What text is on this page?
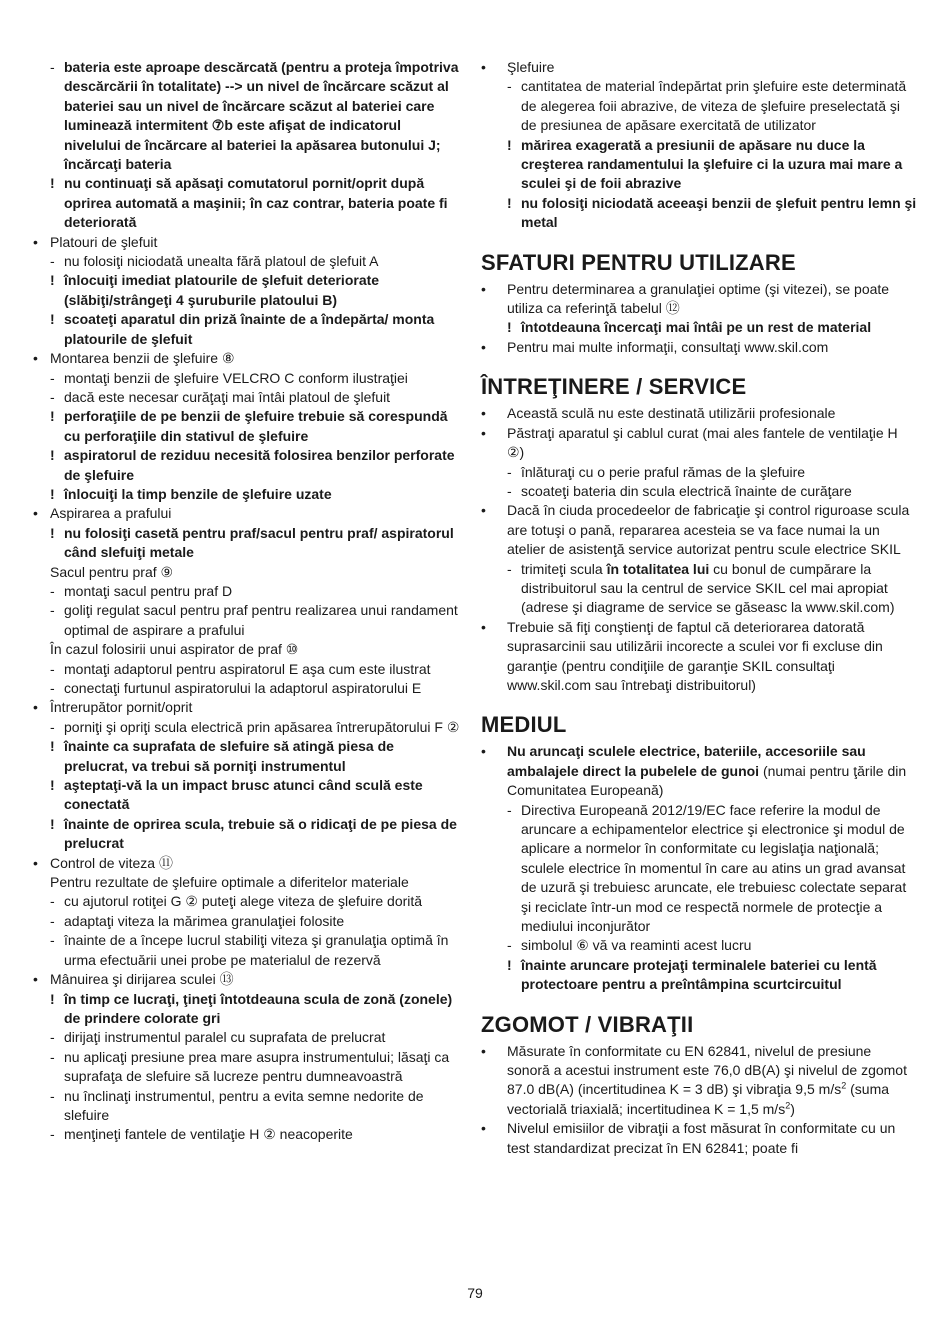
- bateria este aproape descărcată (pentru a proteja împotriva descărcării în totalitate) --> un nivel de încărcare scăzut al bateriei sau un nivel de încărcare scăzut al bateriei care luminează intermitent ⑦b este afişat de indicatorul nivelului de încărcare al bateriei la apăsarea butonului J; încărcaţi bateria
! nu continuaţi să apăsaţi comutatorul pornit/oprit după oprirea automată a maşinii; în caz contrar, bateria poate fi deteriorată
• Platouri de şlefuit
- nu folosiţi niciodată unealta fără platoul de şlefuit A
! înlocuiţi imediat platourile de şlefuit deteriorate (slăbiţi/strângeţi 4 şuruburile platoului B)
! scoateţi aparatul din priză înainte de a îndepărta/ monta platourile de şlefuit
• Montarea benzii de şlefuire ⑧
- montaţi benzii de şlefuire VELCRO C conform ilustraţiei
- dacă este necesar curăţaţi mai întâi platoul de şlefuit
! perforaţiile de pe benzii de şlefuire trebuie să corespundă cu perforaţiile din stativul de şlefuire
! aspiratorul de reziduu necesită folosirea benzilor perforate de şlefuire
! înlocuiţi la timp benzile de şlefuire uzate
• Aspirarea a prafului
! nu folosiţi casetă pentru praf/sacul pentru praf/ aspiratorul când slefuiţi metale
Sacul pentru praf ⑨
- montaţi sacul pentru praf D
- goliţi regulat sacul pentru praf pentru realizarea unui randament optimal de aspirare a prafului
În cazul folosirii unui aspirator de praf ⑩
- montaţi adaptorul pentru aspiratorul E aşa cum este ilustrat
- conectaţi furtunul aspiratorului la adaptorul aspiratorului E
• Întrerupător pornit/oprit
- porniţi şi opriţi scula electrică prin apăsarea întrerupătorului F ②
! înainte ca suprafata de slefuire să atingă piesa de prelucrat, va trebui să porniţi instrumentul
! aşteptaţi-vă la un impact brusc atunci când sculă este conectată
! înainte de oprirea scula, trebuie să o ridicaţi de pe piesa de prelucrat
• Control de viteza ⑪
Pentru rezultate de şlefuire optimale a diferitelor materiale
- cu ajutorul rotiţei G ② puteţi alege viteza de şlefuire dorită
- adaptaţi viteza la mărimea granulaţiei folosite
- înainte de a începe lucrul stabiliţi viteza şi granulaţia optimă în urma efectuării unei probe pe materialul de rezervă
• Mânuirea şi dirijarea sculei ⑬
! în timp ce lucraţi, ţineţi întotdeauna scula de zonă (zonele) de prindere colorate gri
- dirijaţi instrumentul paralel cu suprafata de prelucrat
- nu aplicaţi presiune prea mare asupra instrumentului; lăsaţi ca suprafaţa de slefuire să lucreze pentru dumneavoastră
- nu înclinaţi instrumentul, pentru a evita semne nedorite de slefuire
- menţineţi fantele de ventilaţie H ② neacoperite
• Şlefuire
- cantitatea de material îndepărtat prin şlefuire este determinată de alegerea foii abrazive, de viteza de şlefuire preselectată şi de presiunea de apăsare exercitată de utilizator
! mărirea exagerată a presiunii de apăsare nu duce la creşterea randamentului la şlefuire ci la uzura mai mare a sculei şi de foii abrazive
! nu folosiţi niciodată aceeaşi benzii de şlefuit pentru lemn şi metal
SFATURI PENTRU UTILIZARE
• Pentru determinarea a granulaţiei optime (şi vitezei), se poate utiliza ca referinţă tabelul ⑫
! întotdeauna încercaţi mai întâi pe un rest de material
• Pentru mai multe informaţii, consultaţi www.skil.com
ÎNTREŢINERE / SERVICE
• Această sculă nu este destinată utilizării profesionale
• Păstraţi aparatul şi cablul curat (mai ales fantele de ventilaţie H ②)
- înlăturaţi cu o perie praful rămas de la şlefuire
- scoateţi bateria din scula electrică înainte de curăţare
• Dacă în ciuda procedeelor de fabricaţie şi control riguroase scula are totuşi o pană, repararea acesteia se va face numai la un atelier de asistenţă service autorizat pentru scule electrice SKIL
- trimiteţi scula în totalitatea lui cu bonul de cumpărare la distribuitorul sau la centrul de service SKIL cel mai apropiat (adrese şi diagrame de service se găseasc la www.skil.com)
• Trebuie să fiţi conştienţi de faptul că deteriorarea datorată suprasarcinii sau utilizării incorecte a sculei vor fi excluse din garanţie (pentru condiţiile de garanţie SKIL consultaţi www.skil.com sau întrebaţi distribuitorul)
MEDIUL
• Nu aruncaţi sculele electrice, bateriile, accesoriile sau ambalajele direct la pubelele de gunoi (numai pentru ţările din Comunitatea Europeană)
- Directiva Europeană 2012/19/EC face referire la modul de aruncare a echipamentelor electrice şi electronice şi modul de aplicare a normelor în conformitate cu legislaţia naţională; sculele electrice în momentul în care au atins un grad avansat de uzură şi trebuiesc aruncate, ele trebuiesc colectate separat şi reciclate într-un mod ce respectă normele de protecţie a mediului inconjurător
- simbolul ⑥ vă va reaminti acest lucru
! înainte aruncare protejaţi terminalele bateriei cu lentă protectoare pentru a preîntâmpina scurtcircuitul
ZGOMOT / VIBRAŢII
• Măsurate în conformitate cu EN 62841, nivelul de presiune sonoră a acestui instrument este 76,0 dB(A) şi nivelul de zgomot 87.0 dB(A) (incertitudinea K = 3 dB) şi vibraţia 9,5 $m/s^2$ (suma vectorială triaxială; incertitudinea K = 1,5 $m/s^2$)
• Nivelul emisiilor de vibraţii a fost măsurat în conformitate cu un test standardizat precizat în EN 62841; poate fi
79
